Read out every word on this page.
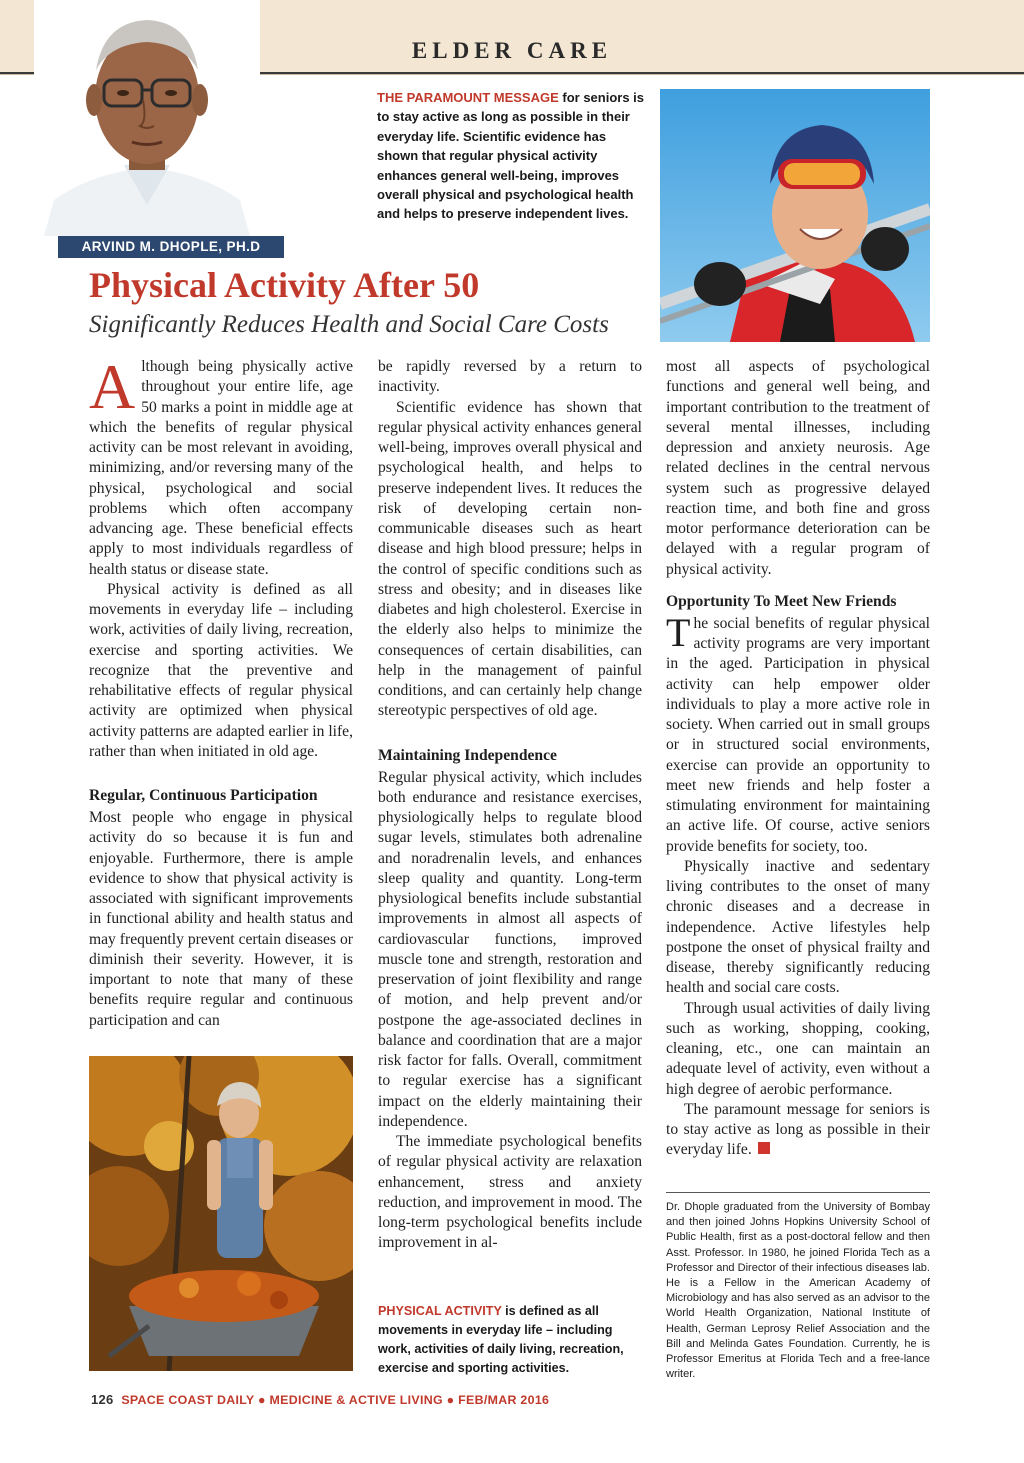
ELDER CARE
ARVIND M. DHOPLE, PH.D
THE PARAMOUNT MESSAGE for seniors is to stay active as long as possible in their everyday life. Scientific evidence has shown that regular physical activity enhances general well-being, improves overall physical and psychological health and helps to preserve independent lives.
Physical Activity After 50
Significantly Reduces Health and Social Care Costs

Although being physically active throughout your entire life, age 50 marks a point in middle age at which the benefits of regular physical activity can be most relevant in avoiding, minimizing, and/or reversing many of the physical, psychological and social problems which often accompany advancing age. These beneficial effects apply to most individuals regardless of health status or disease state.

Physical activity is defined as all movements in everyday life – including work, activities of daily living, recreation, exercise and sporting activities. We recognize that the preventive and rehabilitative effects of regular physical activity are optimized when physical activity patterns are adapted earlier in life, rather than when initiated in old age.

Regular, Continuous Participation

Most people who engage in physical activity do so because it is fun and enjoyable. Furthermore, there is ample evidence to show that physical activity is associated with significant improvements in functional ability and health status and may frequently prevent certain diseases or diminish their severity. However, it is important to note that many of these benefits require regular and continuous participation and can

be rapidly reversed by a return to inactivity.

Scientific evidence has shown that regular physical activity enhances general well-being, improves overall physical and psychological health, and helps to preserve independent lives. It reduces the risk of developing certain non-communicable diseases such as heart disease and high blood pressure; helps in the control of specific conditions such as stress and obesity; and in diseases like diabetes and high cholesterol. Exercise in the elderly also helps to minimize the consequences of certain disabilities, can help in the management of painful conditions, and can certainly help change stereotypic perspectives of old age.

Maintaining Independence

Regular physical activity, which includes both endurance and resistance exercises, physiologically helps to regulate blood sugar levels, stimulates both adrenaline and noradrenalin levels, and enhances sleep quality and quantity. Long-term physiological benefits include substantial improvements in almost all aspects of cardiovascular functions, improved muscle tone and strength, restoration and preservation of joint flexibility and range of motion, and help prevent and/or postpone the age-associated declines in balance and coordination that are a major risk factor for falls. Overall, commitment to regular exercise has a significant impact on the elderly maintaining their independence.

The immediate psychological benefits of regular physical activity are relaxation enhancement, stress and anxiety reduction, and improvement in mood. The long-term psychological benefits include improvement in al-

PHYSICAL ACTIVITY is defined as all movements in everyday life – including work, activities of daily living, recreation, exercise and sporting activities.

most all aspects of psychological functions and general well being, and important contribution to the treatment of several mental illnesses, including depression and anxiety neurosis. Age related declines in the central nervous system such as progressive delayed reaction time, and both fine and gross motor performance deterioration can be delayed with a regular program of physical activity.

Opportunity To Meet New Friends

The social benefits of regular physical activity programs are very important in the aged. Participation in physical activity can help empower older individuals to play a more active role in society. When carried out in small groups or in structured social environments, exercise can provide an opportunity to meet new friends and help foster a stimulating environment for maintaining an active life. Of course, active seniors provide benefits for society, too.

Physically inactive and sedentary living contributes to the onset of many chronic diseases and a decrease in independence. Active lifestyles help postpone the onset of physical frailty and disease, thereby significantly reducing health and social care costs.

Through usual activities of daily living such as working, shopping, cooking, cleaning, etc., one can maintain an adequate level of activity, even without a high degree of aerobic performance.

The paramount message for seniors is to stay active as long as possible in their everyday life.

Dr. Dhople graduated from the University of Bombay and then joined Johns Hopkins University School of Public Health, first as a post-doctoral fellow and then Asst. Professor. In 1980, he joined Florida Tech as a Professor and Director of their infectious diseases lab. He is a Fellow in the American Academy of Microbiology and has also served as an advisor to the World Health Organization, National Institute of Health, German Leprosy Relief Association and the Bill and Melinda Gates Foundation. Currently, he is Professor Emeritus at Florida Tech and a free-lance writer.
126 SPACE COAST DAILY ● MEDICINE & ACTIVE LIVING ● FEB/MAR 2016
